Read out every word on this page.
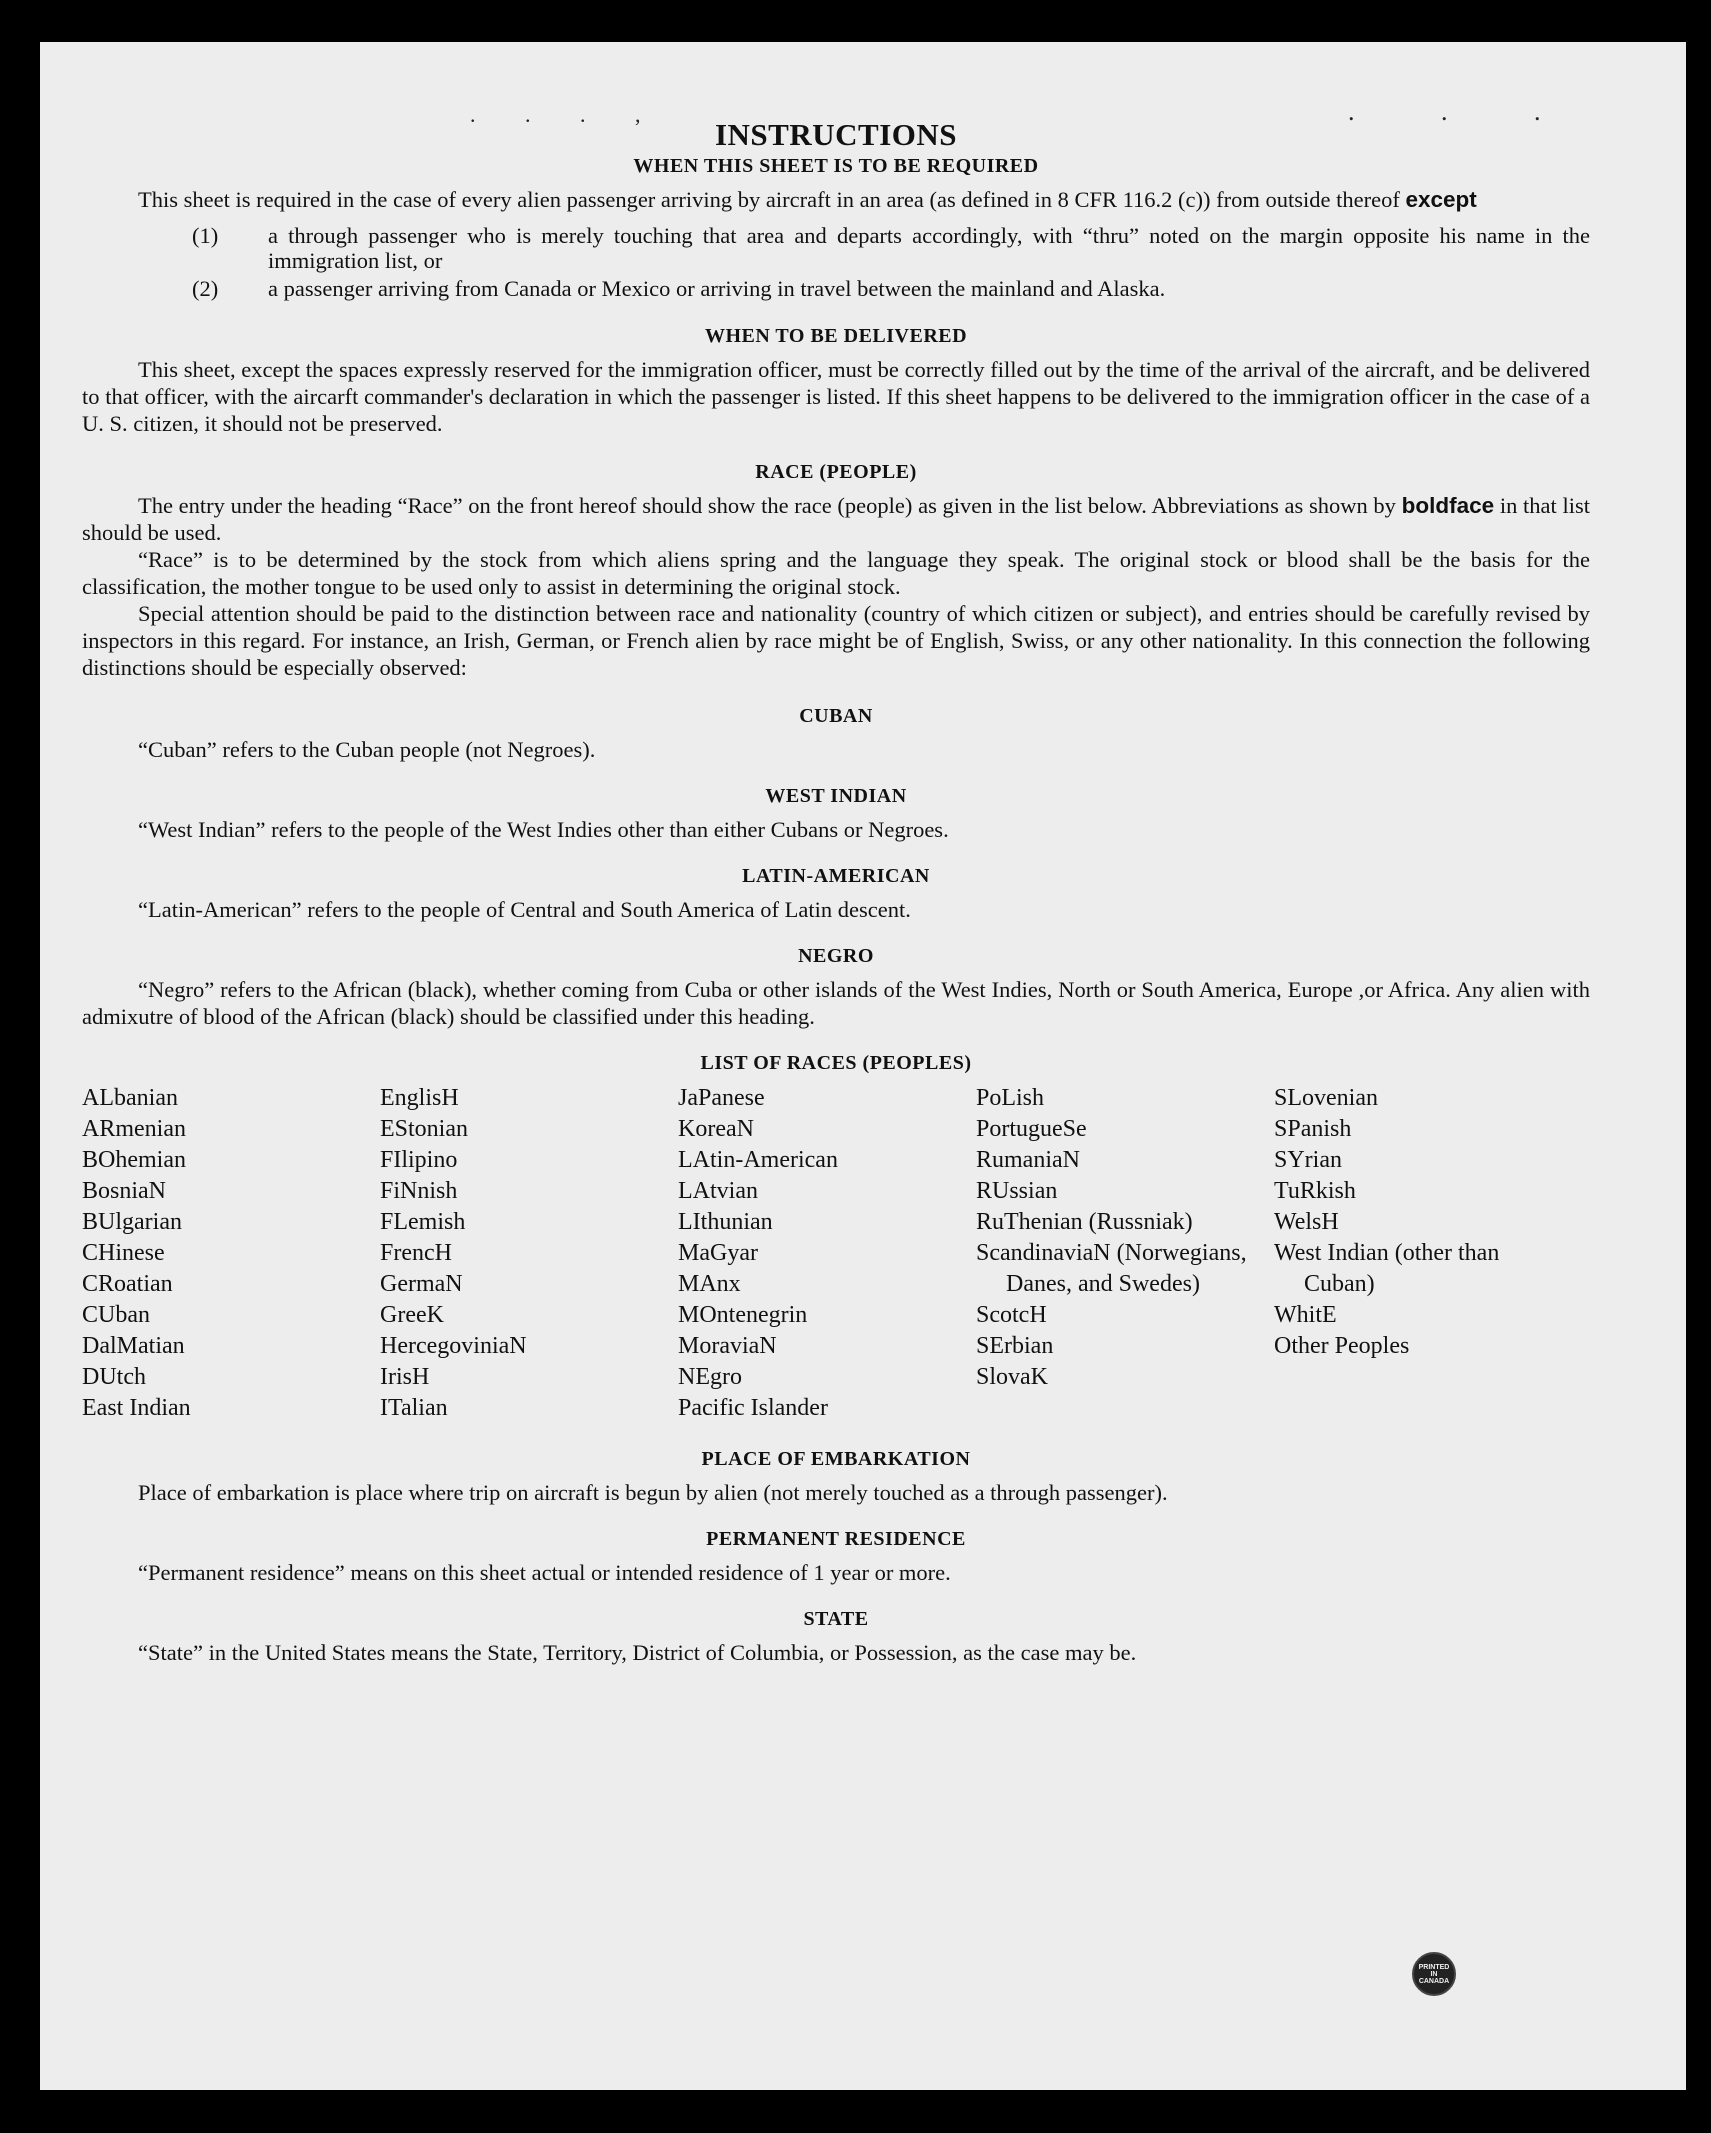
. . . ,	. . .
INSTRUCTIONS
WHEN THIS SHEET IS TO BE REQUIRED

This sheet is required in the case of every alien passenger arriving by aircraft in an area (as defined in 8 CFR 116.2 (c)) from outside thereof except

(1) a through passenger who is merely touching that area and departs accordingly, with “thru” noted on the margin opposite his name in the immigration list, or
(2) a passenger arriving from Canada or Mexico or arriving in travel between the mainland and Alaska.
WHEN TO BE DELIVERED

This sheet, except the spaces expressly reserved for the immigration officer, must be correctly filled out by the time of the arrival of the aircraft, and be delivered to that officer, with the aircarft commander's declaration in which the passenger is listed. If this sheet happens to be delivered to the immigration officer in the case of a U. S. citizen, it should not be preserved.

RACE (PEOPLE)

The entry under the heading “Race” on the front hereof should show the race (people) as given in the list below. Abbreviations as shown by boldface in that list should be used.

“Race” is to be determined by the stock from which aliens spring and the language they speak. The original stock or blood shall be the basis for the classification, the mother tongue to be used only to assist in determining the original stock.

Special attention should be paid to the distinction between race and nationality (country of which citizen or subject), and entries should be carefully revised by inspectors in this regard. For instance, an Irish, German, or French alien by race might be of English, Swiss, or any other nationality. In this connection the following distinctions should be especially observed:

CUBAN

“Cuban” refers to the Cuban people (not Negroes).

WEST INDIAN

“West Indian” refers to the people of the West Indies other than either Cubans or Negroes.

LATIN-AMERICAN

“Latin-American” refers to the people of Central and South America of Latin descent.

NEGRO

“Negro” refers to the African (black), whether coming from Cuba or other islands of the West Indies, North or South America, Europe ,or Africa. Any alien with admixutre of blood of the African (black) should be classified under this heading.

LIST OF RACES (PEOPLES)
ALbanian
ARmenian
BOhemian
BosniaN
BUlgarian
CHinese
CRoatian
CUban
DalMatian
DUtch
East Indian
EnglisH
EStonian
FIlipino
FiNnish
FLemish
FrencH
GermaN
GreeK
HercegoviniaN
IrisH
ITalian
JaPanese
KoreaN
LAtin-American
LAtvian
LIthunian
MaGyar
MAnx
MOntenegrin
MoraviaN
NEgro
Pacific Islander
PoLish
PortugueSe
RumaniaN
RUssian
RuThenian (Russniak)
ScandinaviaN (Norwegians, Danes, and Swedes)
ScotcH
SErbian
SlovaK
SLovenian
SPanish
SYrian
TuRkish
WelsH
West Indian (other than Cuban)
WhitE
Other Peoples
PLACE OF EMBARKATION

Place of embarkation is place where trip on aircraft is begun by alien (not merely touched as a through passenger).

PERMANENT RESIDENCE

“Permanent residence” means on this sheet actual or intended residence of 1 year or more.

STATE

“State” in the United States means the State, Territory, District of Columbia, or Possession, as the case may be.

PRINTED
IN
CANADA
